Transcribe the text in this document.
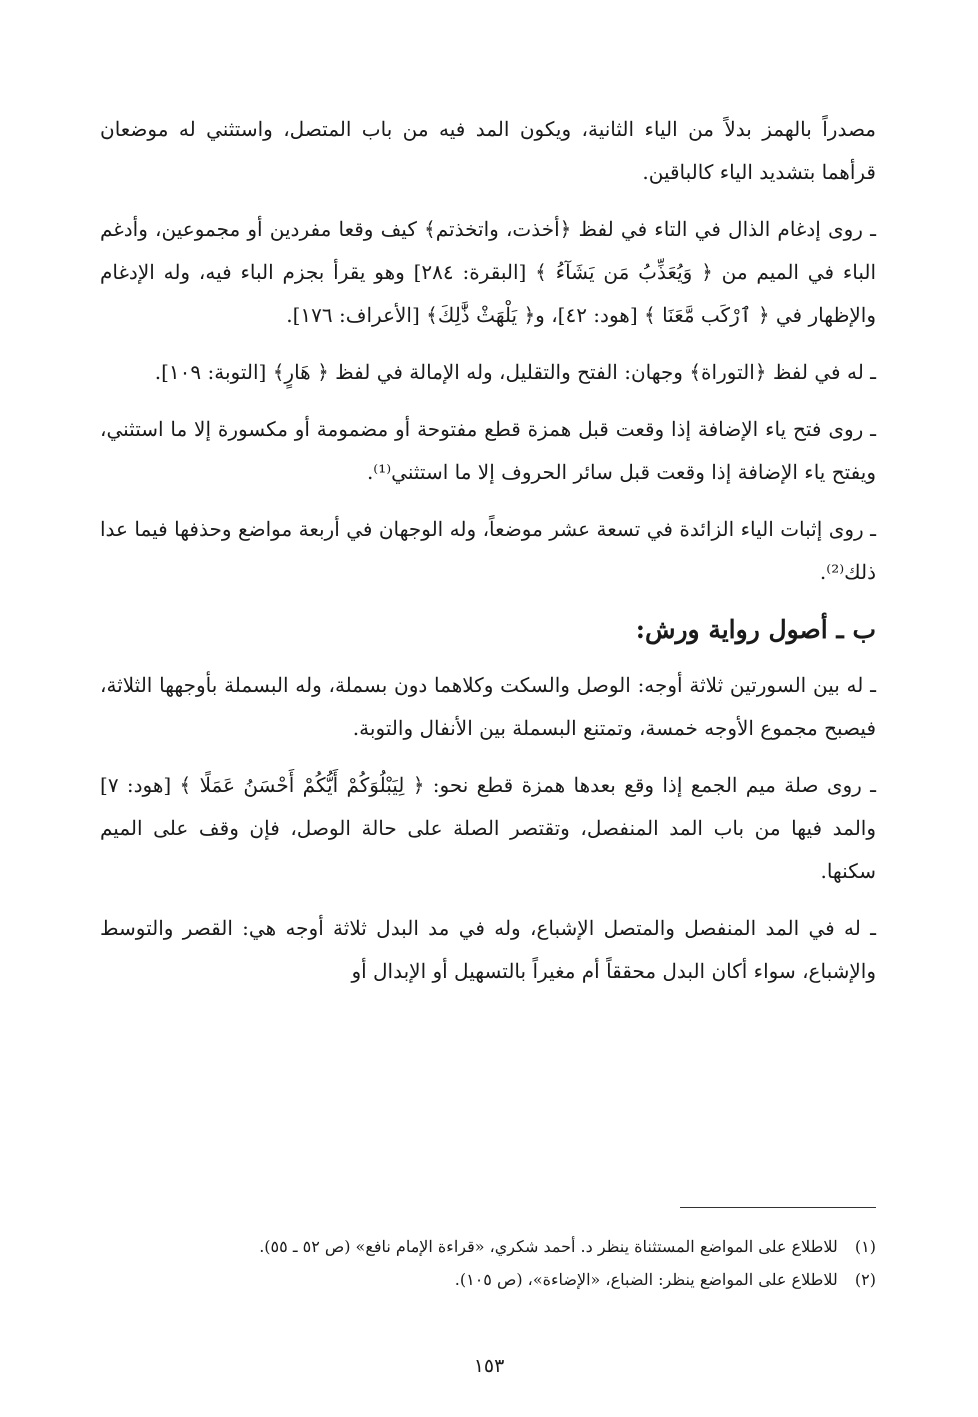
مصدراً بالهمز بدلاً من الياء الثانية، ويكون المد فيه من باب المتصل، واستثني له موضعان قرأهما بتشديد الياء كالباقين.

ـ روى إدغام الذال في التاء في لفظ ﴿أخذت، واتخذتم﴾ كيف وقعا مفردين أو مجموعين، وأدغم الباء في الميم من ﴿ وَيُعَذِّبُ مَن يَشَآءُ ﴾ [البقرة: ٢٨٤] وهو يقرأ بجزم الباء فيه، وله الإدغام والإظهار في ﴿ ٱرْكَب مَّعَنَا ﴾ [هود: ٤٢]، و﴿ يَلْهَثْ ذَّٰلِكَ﴾ [الأعراف: ١٧٦].

ـ له في لفظ ﴿التوراة﴾ وجهان: الفتح والتقليل، وله الإمالة في لفظ ﴿ هَارٍ﴾ [التوبة: ١٠٩].

ـ روى فتح ياء الإضافة إذا وقعت قبل همزة قطع مفتوحة أو مضمومة أو مكسورة إلا ما استثني، ويفتح ياء الإضافة إذا وقعت قبل سائر الحروف إلا ما استثني⁽¹⁾.

ـ روى إثبات الياء الزائدة في تسعة عشر موضعاً، وله الوجهان في أربعة مواضع وحذفها فيما عدا ذلك⁽²⁾.

ب ـ أصول رواية ورش:

ـ له بين السورتين ثلاثة أوجه: الوصل والسكت وكلاهما دون بسملة، وله البسملة بأوجهها الثلاثة، فيصبح مجموع الأوجه خمسة، وتمتنع البسملة بين الأنفال والتوبة.

ـ روى صلة ميم الجمع إذا وقع بعدها همزة قطع نحو: ﴿ لِيَبْلُوَكُمْ أَيُّكُمْ أَحْسَنُ عَمَلًا ﴾ [هود: ٧] والمد فيها من باب المد المنفصل، وتقتصر الصلة على حالة الوصل، فإن وقف على الميم سكنها.

ـ له في المد المنفصل والمتصل الإشباع، وله في مد البدل ثلاثة أوجه هي: القصر والتوسط والإشباع، سواء أكان البدل محققاً أم مغيراً بالتسهيل أو الإبدال أو

(١) للاطلاع على المواضع المستثناة ينظر د. أحمد شكري، «قراءة الإمام نافع» (ص ٥٢ ـ ٥٥).

(٢) للاطلاع على المواضع ينظر: الضباع، «الإضاءة»، (ص ١٠٥).

١٥٣
